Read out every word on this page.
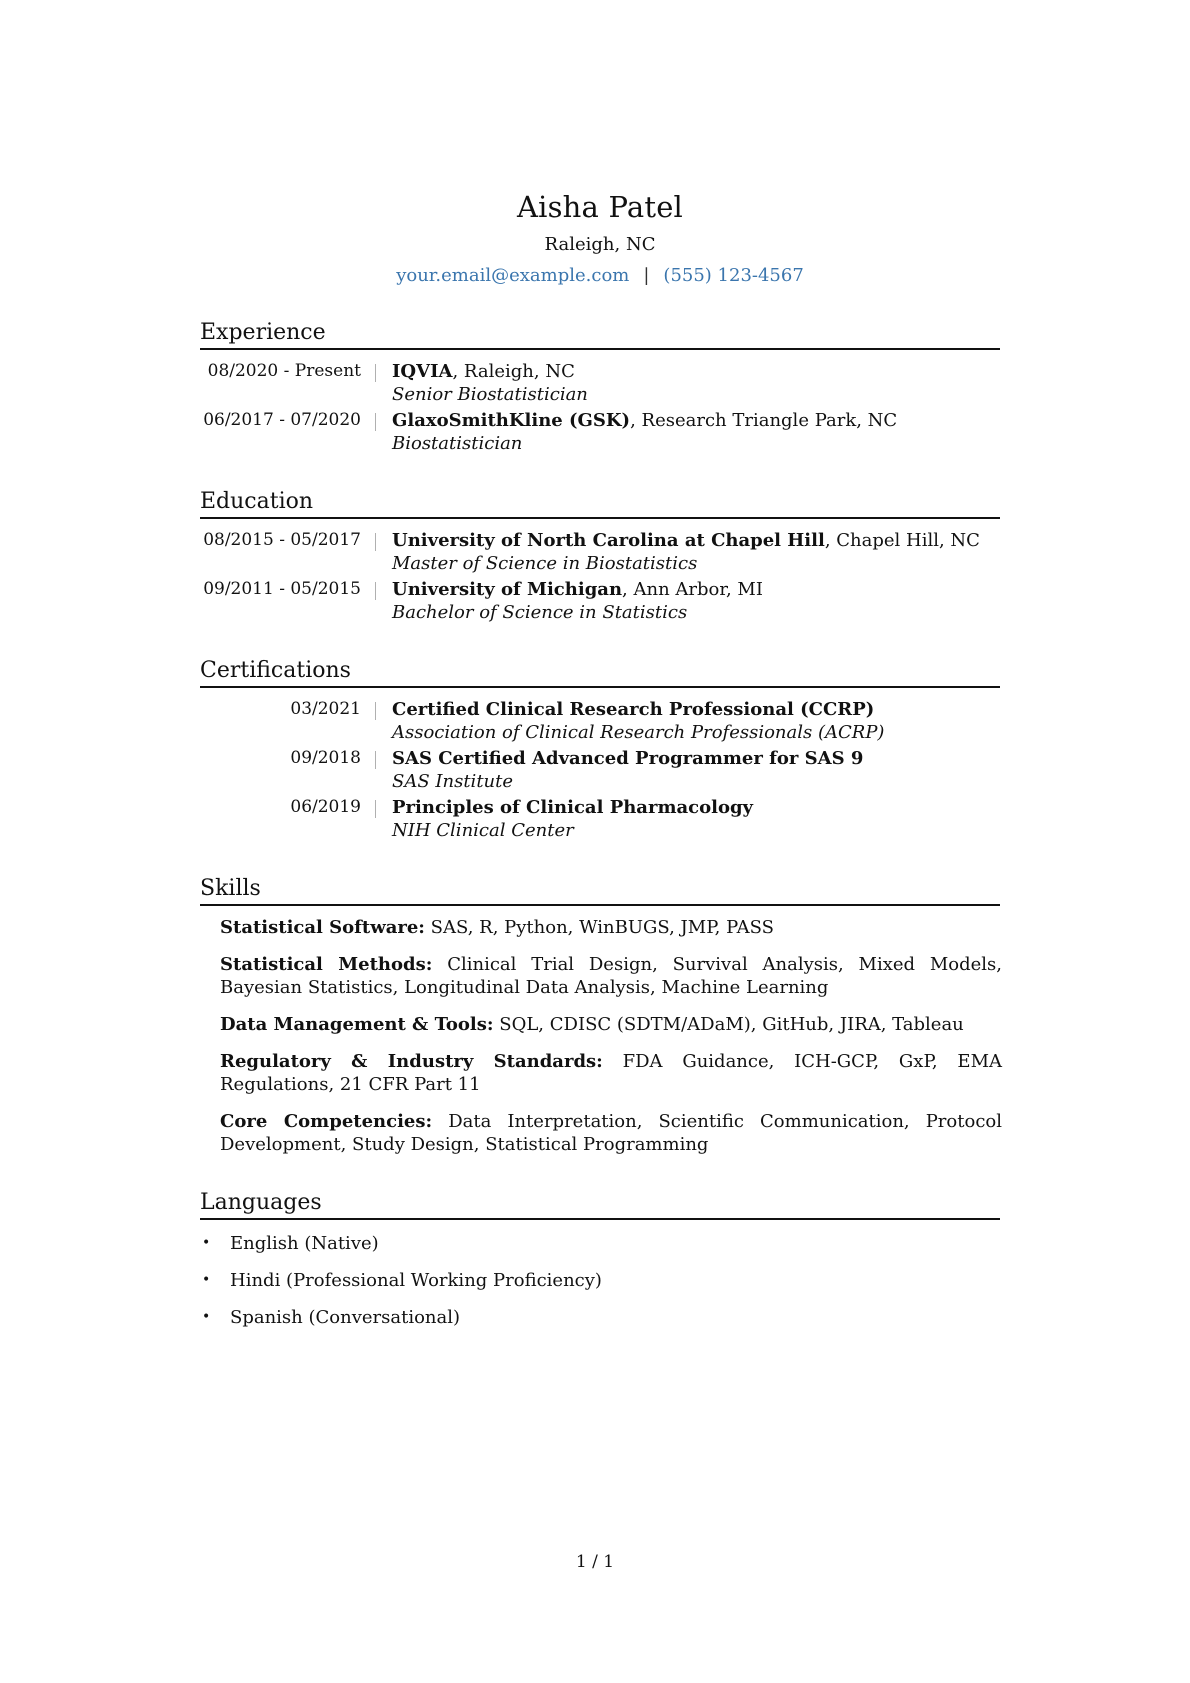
Aisha Patel
Raleigh, NC
your.email@example.com | (555) 123-4567
Experience
08/2020 - Present	IQVIA, Raleigh, NC
Senior Biostatistician
06/2017 - 07/2020	GlaxoSmithKline (GSK), Research Triangle Park, NC
Biostatistician
Education
08/2015 - 05/2017	University of North Carolina at Chapel Hill, Chapel Hill, NC
Master of Science in Biostatistics
09/2011 - 05/2015	University of Michigan, Ann Arbor, MI
Bachelor of Science in Statistics
Certifications
03/2021	Certified Clinical Research Professional (CCRP)
Association of Clinical Research Professionals (ACRP)
09/2018	SAS Certified Advanced Programmer for SAS 9
SAS Institute
06/2019	Principles of Clinical Pharmacology
NIH Clinical Center
Skills
Statistical Software: SAS, R, Python, WinBUGS, JMP, PASS
Statistical Methods: Clinical Trial Design, Survival Analysis, Mixed Models, Bayesian Statistics, Longitudinal Data Analysis, Machine Learning
Data Management & Tools: SQL, CDISC (SDTM/ADaM), GitHub, JIRA, Tableau
Regulatory & Industry Standards: FDA Guidance, ICH-GCP, GxP, EMA Regulations, 21 CFR Part 11
Core Competencies: Data Interpretation, Scientific Communication, Protocol Development, Study Design, Statistical Programming
Languages
• English (Native)
• Hindi (Professional Working Proficiency)
• Spanish (Conversational)
1 / 1
